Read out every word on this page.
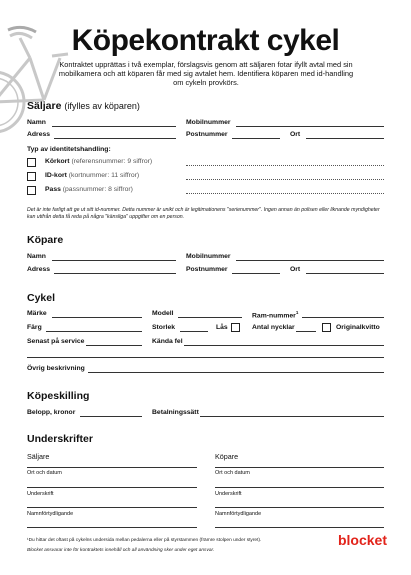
Köpekontrakt cykel
Kontraktet upprättas i två exemplar, förslagsvis genom att säljaren fotar ifyllt avtal med sin mobilkamera och att köparen får med sig avtalet hem. Identifiera köparen med id-handling om cykeln provkörs.
Säljare (ifylles av köparen)
Namn	Mobilnummer
Adress	Postnummer	Ort
Typ av identitetshandling:
Körkort (referensnummer: 9 siffror)
ID-kort (kortnummer: 11 siffror)
Pass (passnummer: 8 siffror)
Det är inte farligt att ge ut sitt id-nummer. Detta nummer är unikt och är legitimationens "serienummer". Ingen annan än polisen eller liknande myndigheter kan utifrån detta få reda på några "känsliga" uppgifter om en person.
Köpare
Namn	Mobilnummer
Adress	Postnummer	Ort
Cykel
Märke	Modell	Ram-nummer$^1$
Färg	Storlek	Lås	Antal nycklar	Originalkvitto
Senast på service	Kända fel
Övrig beskrivning
Köpeskilling
Belopp, kronor	Betalningssätt
Underskrifter
Säljare	Köpare
Ort och datum	Ort och datum
Underskrift	Underskrift
Namnförtydligande	Namnförtydligande
¹Du hittar det oftast på cykelns undersida mellan pedalerna eller på styrstammen (främre stolpen under styret).
Blocket ansvarar inte för kontraktets innehåll och all användning sker under eget ansvar.
blocket
